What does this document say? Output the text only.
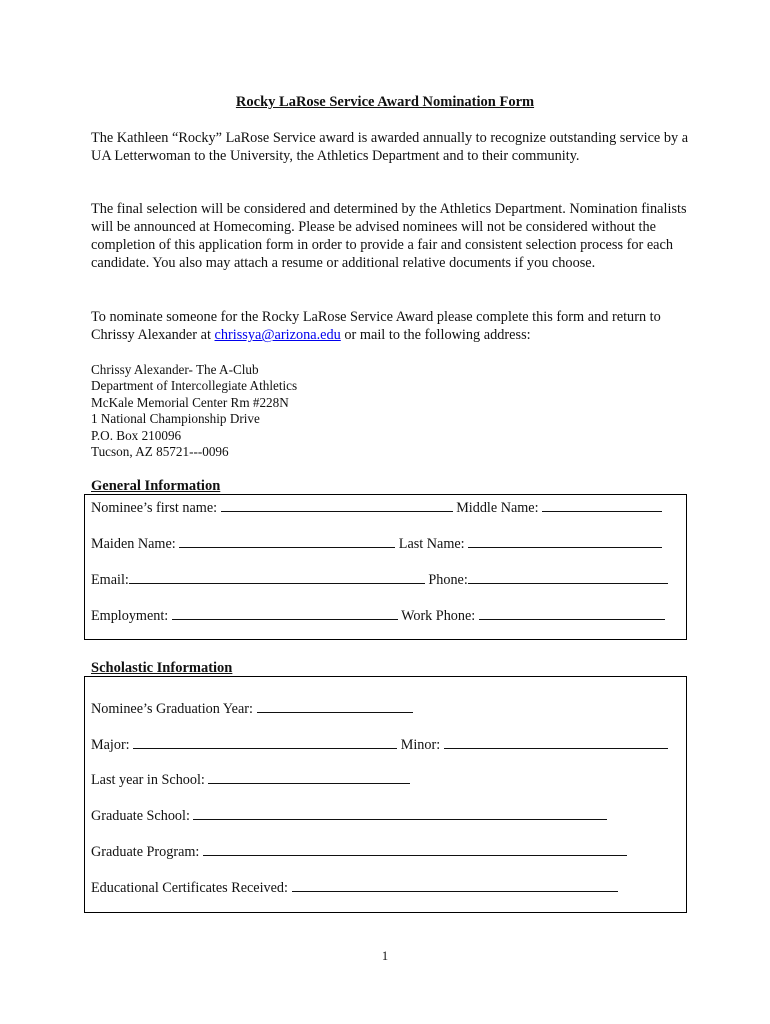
Rocky LaRose Service Award Nomination Form
The Kathleen “Rocky” LaRose Service award is awarded annually to recognize outstanding service by a UA Letterwoman to the University, the Athletics Department and to their community.
The final selection will be considered and determined by the Athletics Department. Nomination finalists will be announced at Homecoming. Please be advised nominees will not be considered without the completion of this application form in order to provide a fair and consistent selection process for each candidate. You also may attach a resume or additional relative documents if you choose.
To nominate someone for the Rocky LaRose Service Award please complete this form and return to Chrissy Alexander at chrissya@arizona.edu or mail to the following address:
Chrissy Alexander- The A-Club
Department of Intercollegiate Athletics
McKale Memorial Center Rm #228N
1 National Championship Drive
P.O. Box 210096
Tucson, AZ 85721---0096
General Information
Nominee’s first name:	Middle Name:
Maiden Name:	Last Name:
Email:	Phone:
Employment:	Work Phone:
Scholastic Information
Nominee’s Graduation Year:
Major:	Minor:
Last year in School:
Graduate School:
Graduate Program:
Educational Certificates Received:
1
